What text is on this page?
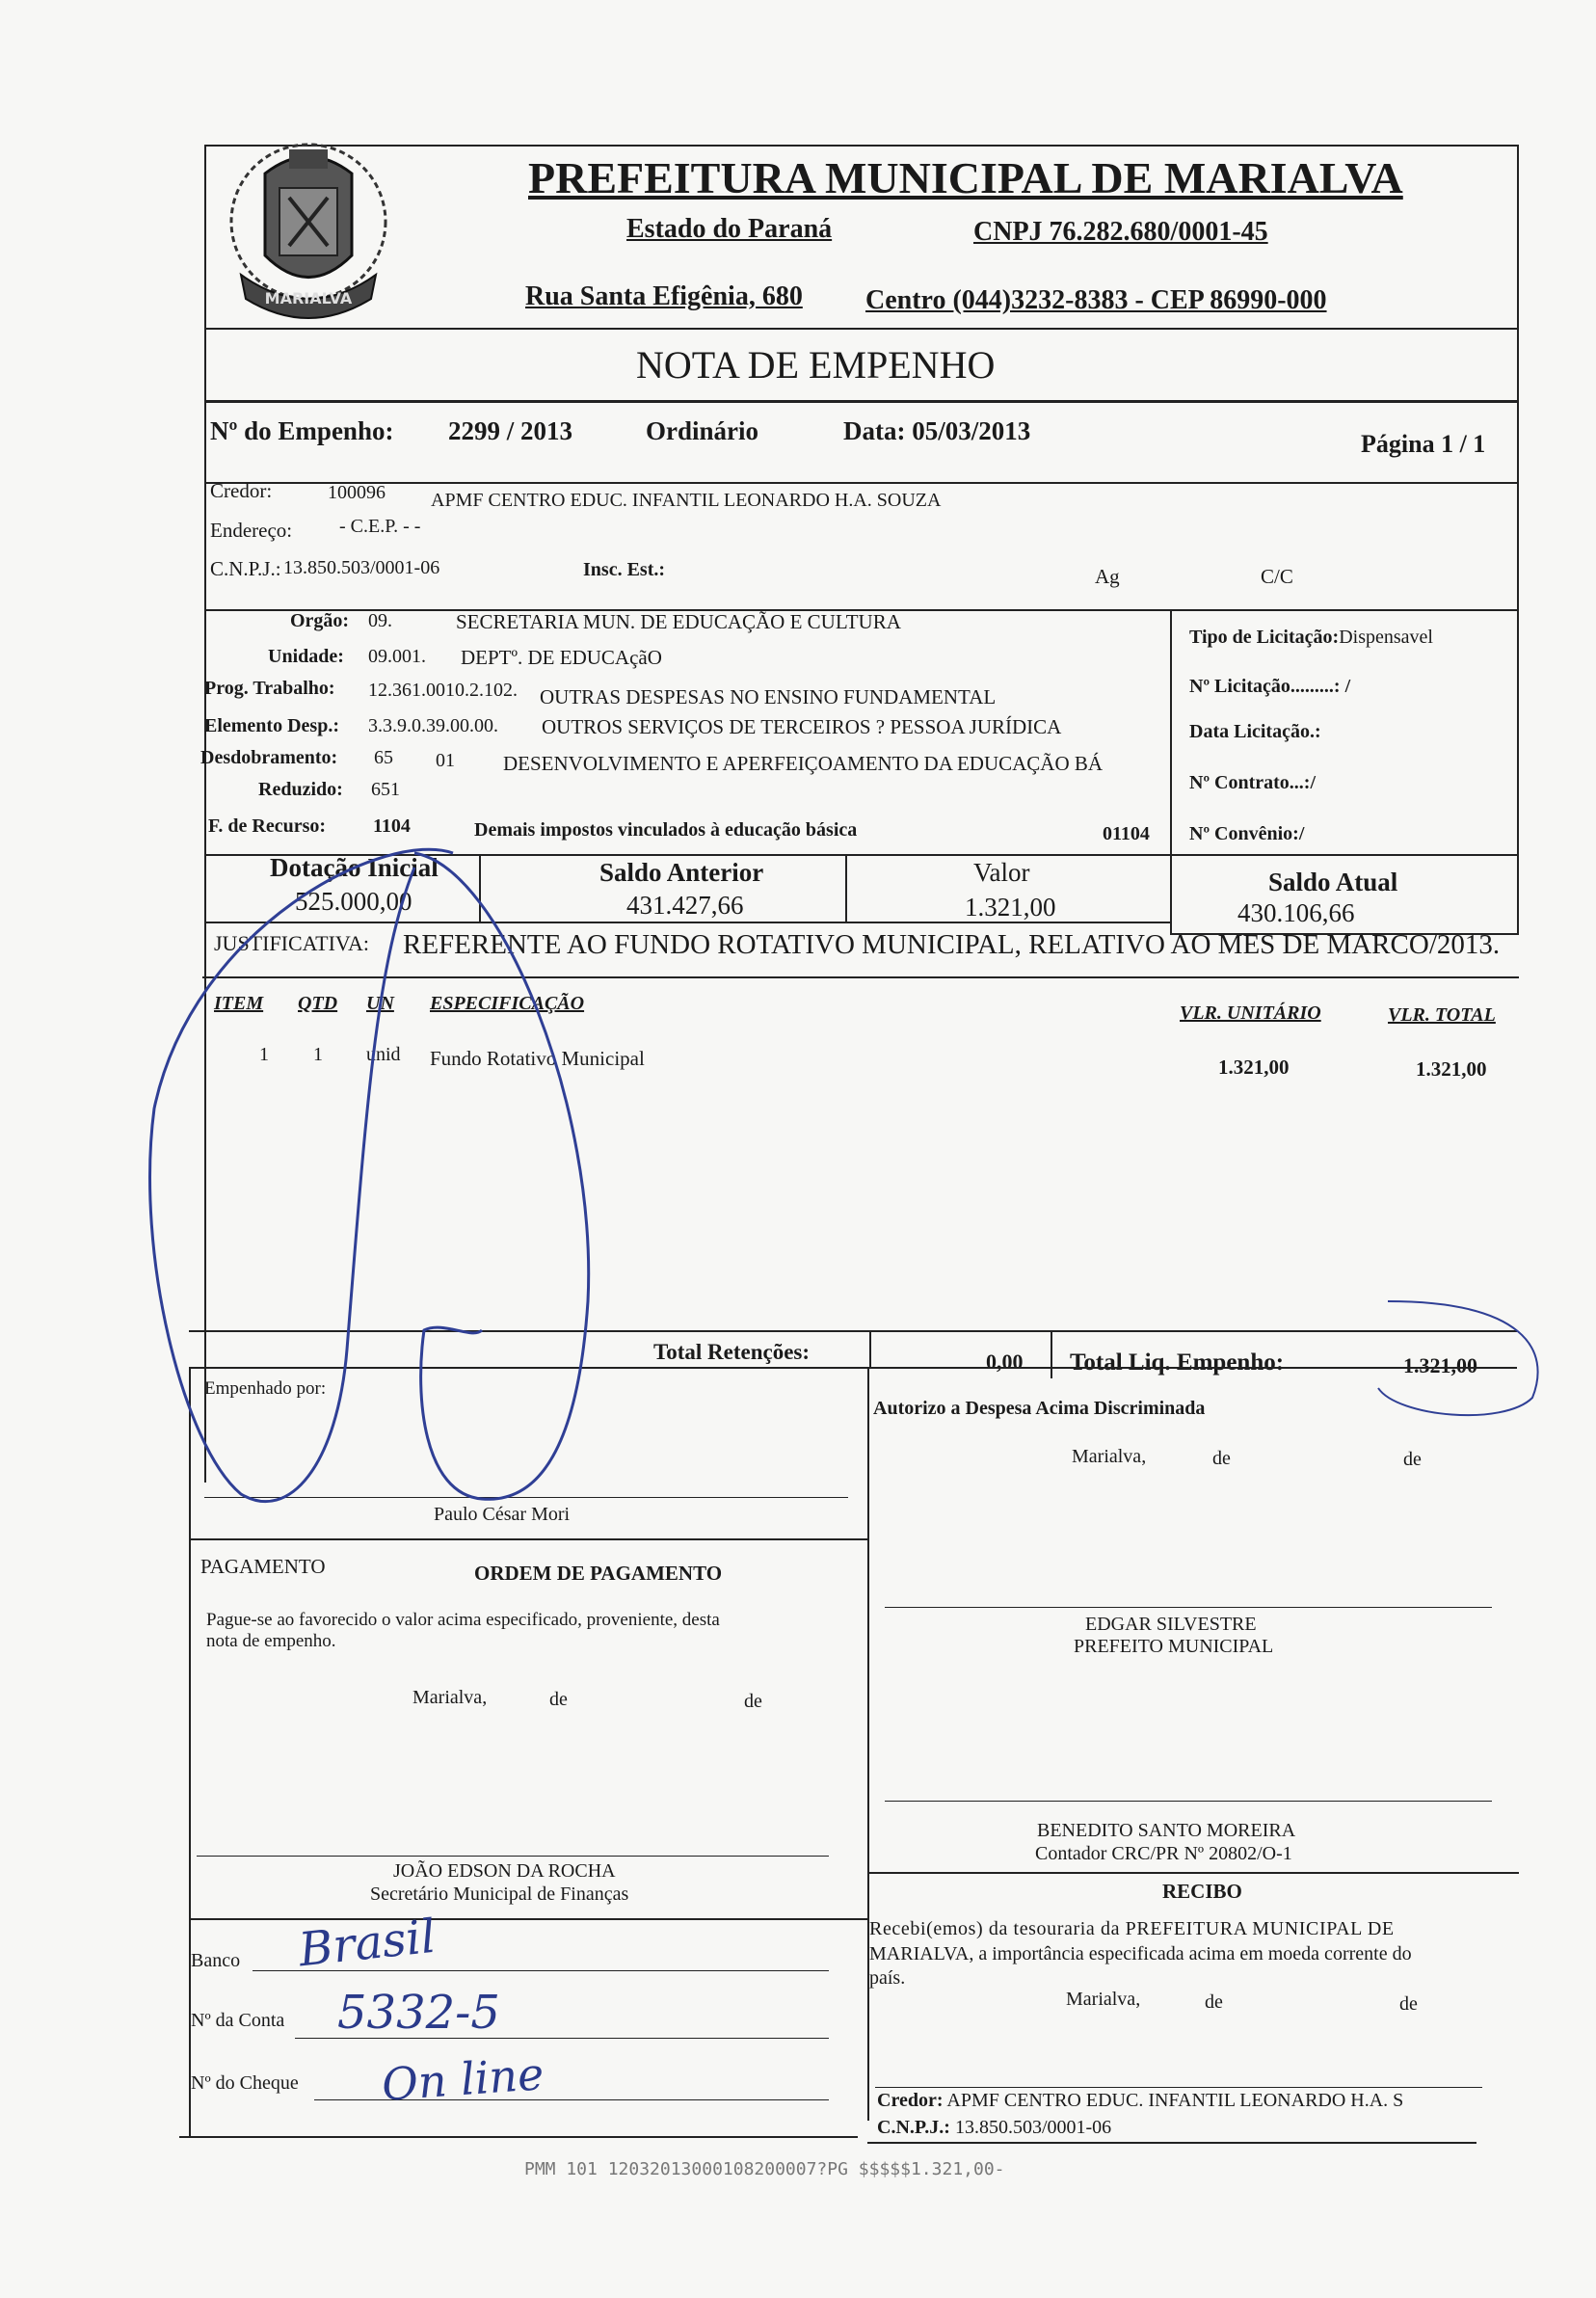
MARIALVA
PREFEITURA MUNICIPAL DE MARIALVA
Estado do Paraná	CNPJ 76.282.680/0001-45
Rua Santa Efigênia, 680 Centro (044)3232-8383 - CEP 86990-000
NOTA DE EMPENHO
Nº do Empenho: 2299 / 2013	Ordinário	Data: 05/03/2013	Página 1 / 1
Credor:	100096 APMF CENTRO EDUC. INFANTIL LEONARDO H.A. SOUZA
Endereço: - C.E.P. - -
C.N.P.J.: 13.850.503/0001-06	Insc. Est.:	Ag	C/C
Orgão: 09.	SECRETARIA MUN. DE EDUCAÇÃO E CULTURA
Unidade: 09.001. DEPTº. DE EDUCAçãO
Prog. Trabalho: 12.361.0010.2.102. OUTRAS DESPESAS NO ENSINO FUNDAMENTAL
Elemento Desp.: 3.3.9.0.39.00.00. OUTROS SERVIÇOS DE TERCEIROS ? PESSOA JURÍDICA
Desdobramento: 65 01 DESENVOLVIMENTO E APERFEIÇOAMENTO DA EDUCAÇÃO BÁ
Reduzido: 651
F. de Recurso: 1104	Demais impostos vinculados à educação básica	01104
Tipo de Licitação:Dispensavel
Nº Licitação.........: /
Data Licitação.:
Nº Contrato...:/
Nº Convênio:/
Dotação Inicial
525.000,00
Saldo Anterior
431.427,66
Valor
1.321,00
Saldo Atual
430.106,66
JUSTIFICATIVA: REFERENTE AO FUNDO ROTATIVO MUNICIPAL, RELATIVO AO MES DE MARCO/2013.
ITEM QTD UN ESPECIFICAÇÃO	VLR. UNITÁRIO	VLR. TOTAL
1 1 unid Fundo Rotativo Municipal	1.321,00	1.321,00
Total Retenções:	0,00 Total Liq. Empenho:	1.321,00
Empenhado por:
Paulo César Mori
Autorizo a Despesa Acima Discriminada
Marialva,	de	de
PAGAMENTO	ORDEM DE PAGAMENTO
Pague-se ao favorecido o valor acima especificado, proveniente, desta
nota de empenho.
Marialva,	de	de
EDGAR SILVESTRE
PREFEITO MUNICIPAL
BENEDITO SANTO MOREIRA
Contador CRC/PR Nº 20802/O-1
JOÃO EDSON DA ROCHA
Secretário Municipal de Finanças	RECIBO
Recebi(emos) da tesouraria da PREFEITURA MUNICIPAL DE
MARIALVA, a importância especificada acima em moeda corrente do
país.
Marialva,	de	de
Credor: APMF CENTRO EDUC. INFANTIL LEONARDO H.A. S
C.N.P.J.: 13.850.503/0001-06
Banco Brasil
Nº da Conta 5332-5
Nº do Cheque On line
PMM 101 12032013000108200007?PG $$$$$1.321,00-
